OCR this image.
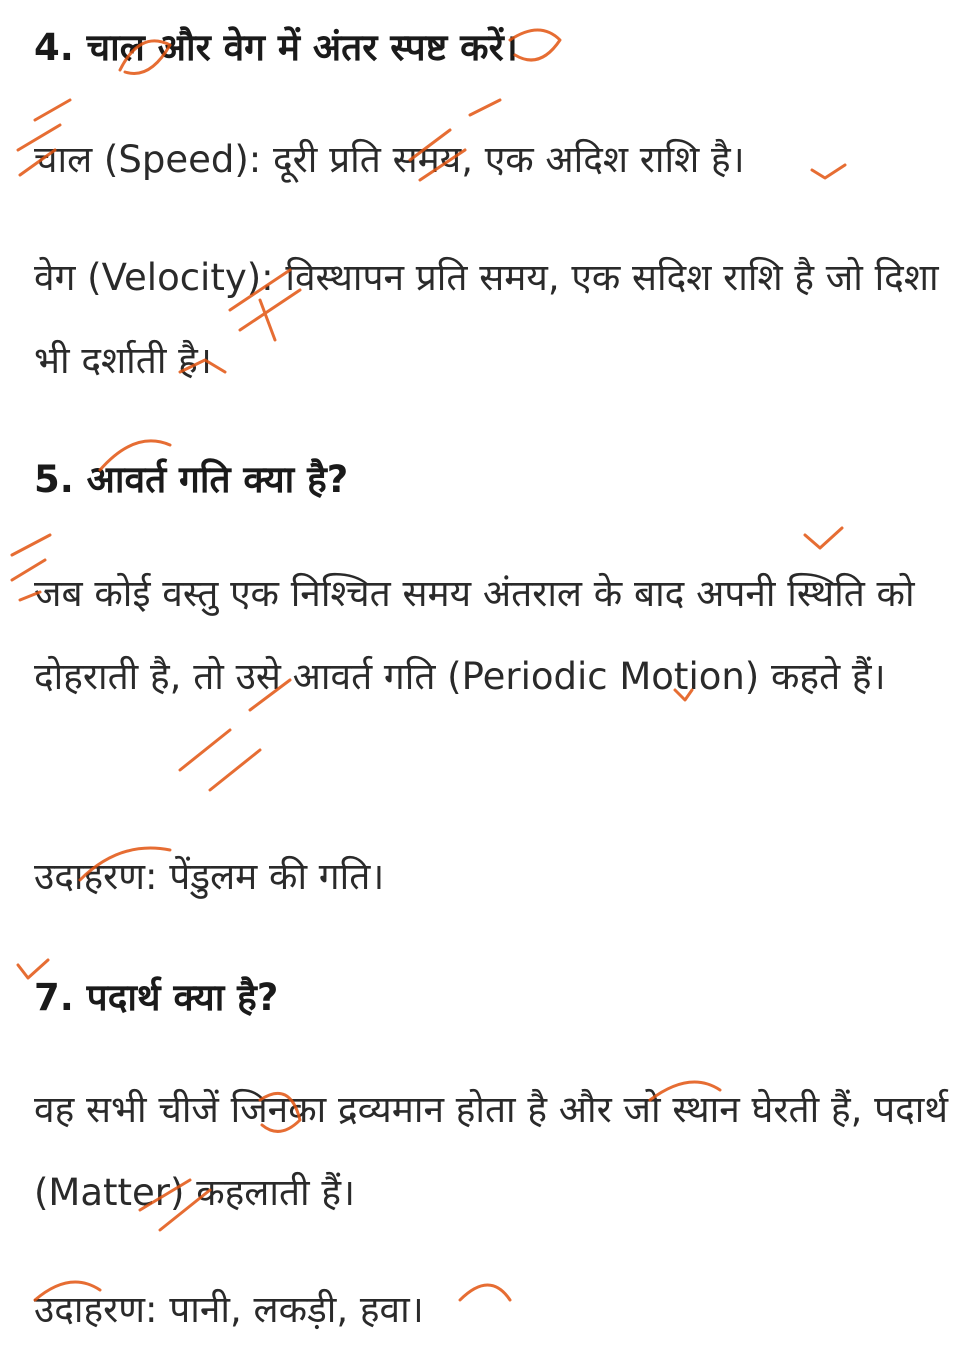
4. चाल और वेग में अंतर स्पष्ट करें।
चाल (Speed): दूरी प्रति समय, एक अदिश राशि है।
वेग (Velocity): विस्थापन प्रति समय, एक सदिश राशि है जो दिशा भी दर्शाती है।
5. आवर्त गति क्या है?
जब कोई वस्तु एक निश्चित समय अंतराल के बाद अपनी स्थिति को दोहराती है, तो उसे आवर्त गति (Periodic Motion) कहते हैं।
उदाहरण: पेंडुलम की गति।
7. पदार्थ क्या है?
वह सभी चीजें जिनका द्रव्यमान होता है और जो स्थान घेरती हैं, पदार्थ (Matter) कहलाती हैं।
उदाहरण: पानी, लकड़ी, हवा।
